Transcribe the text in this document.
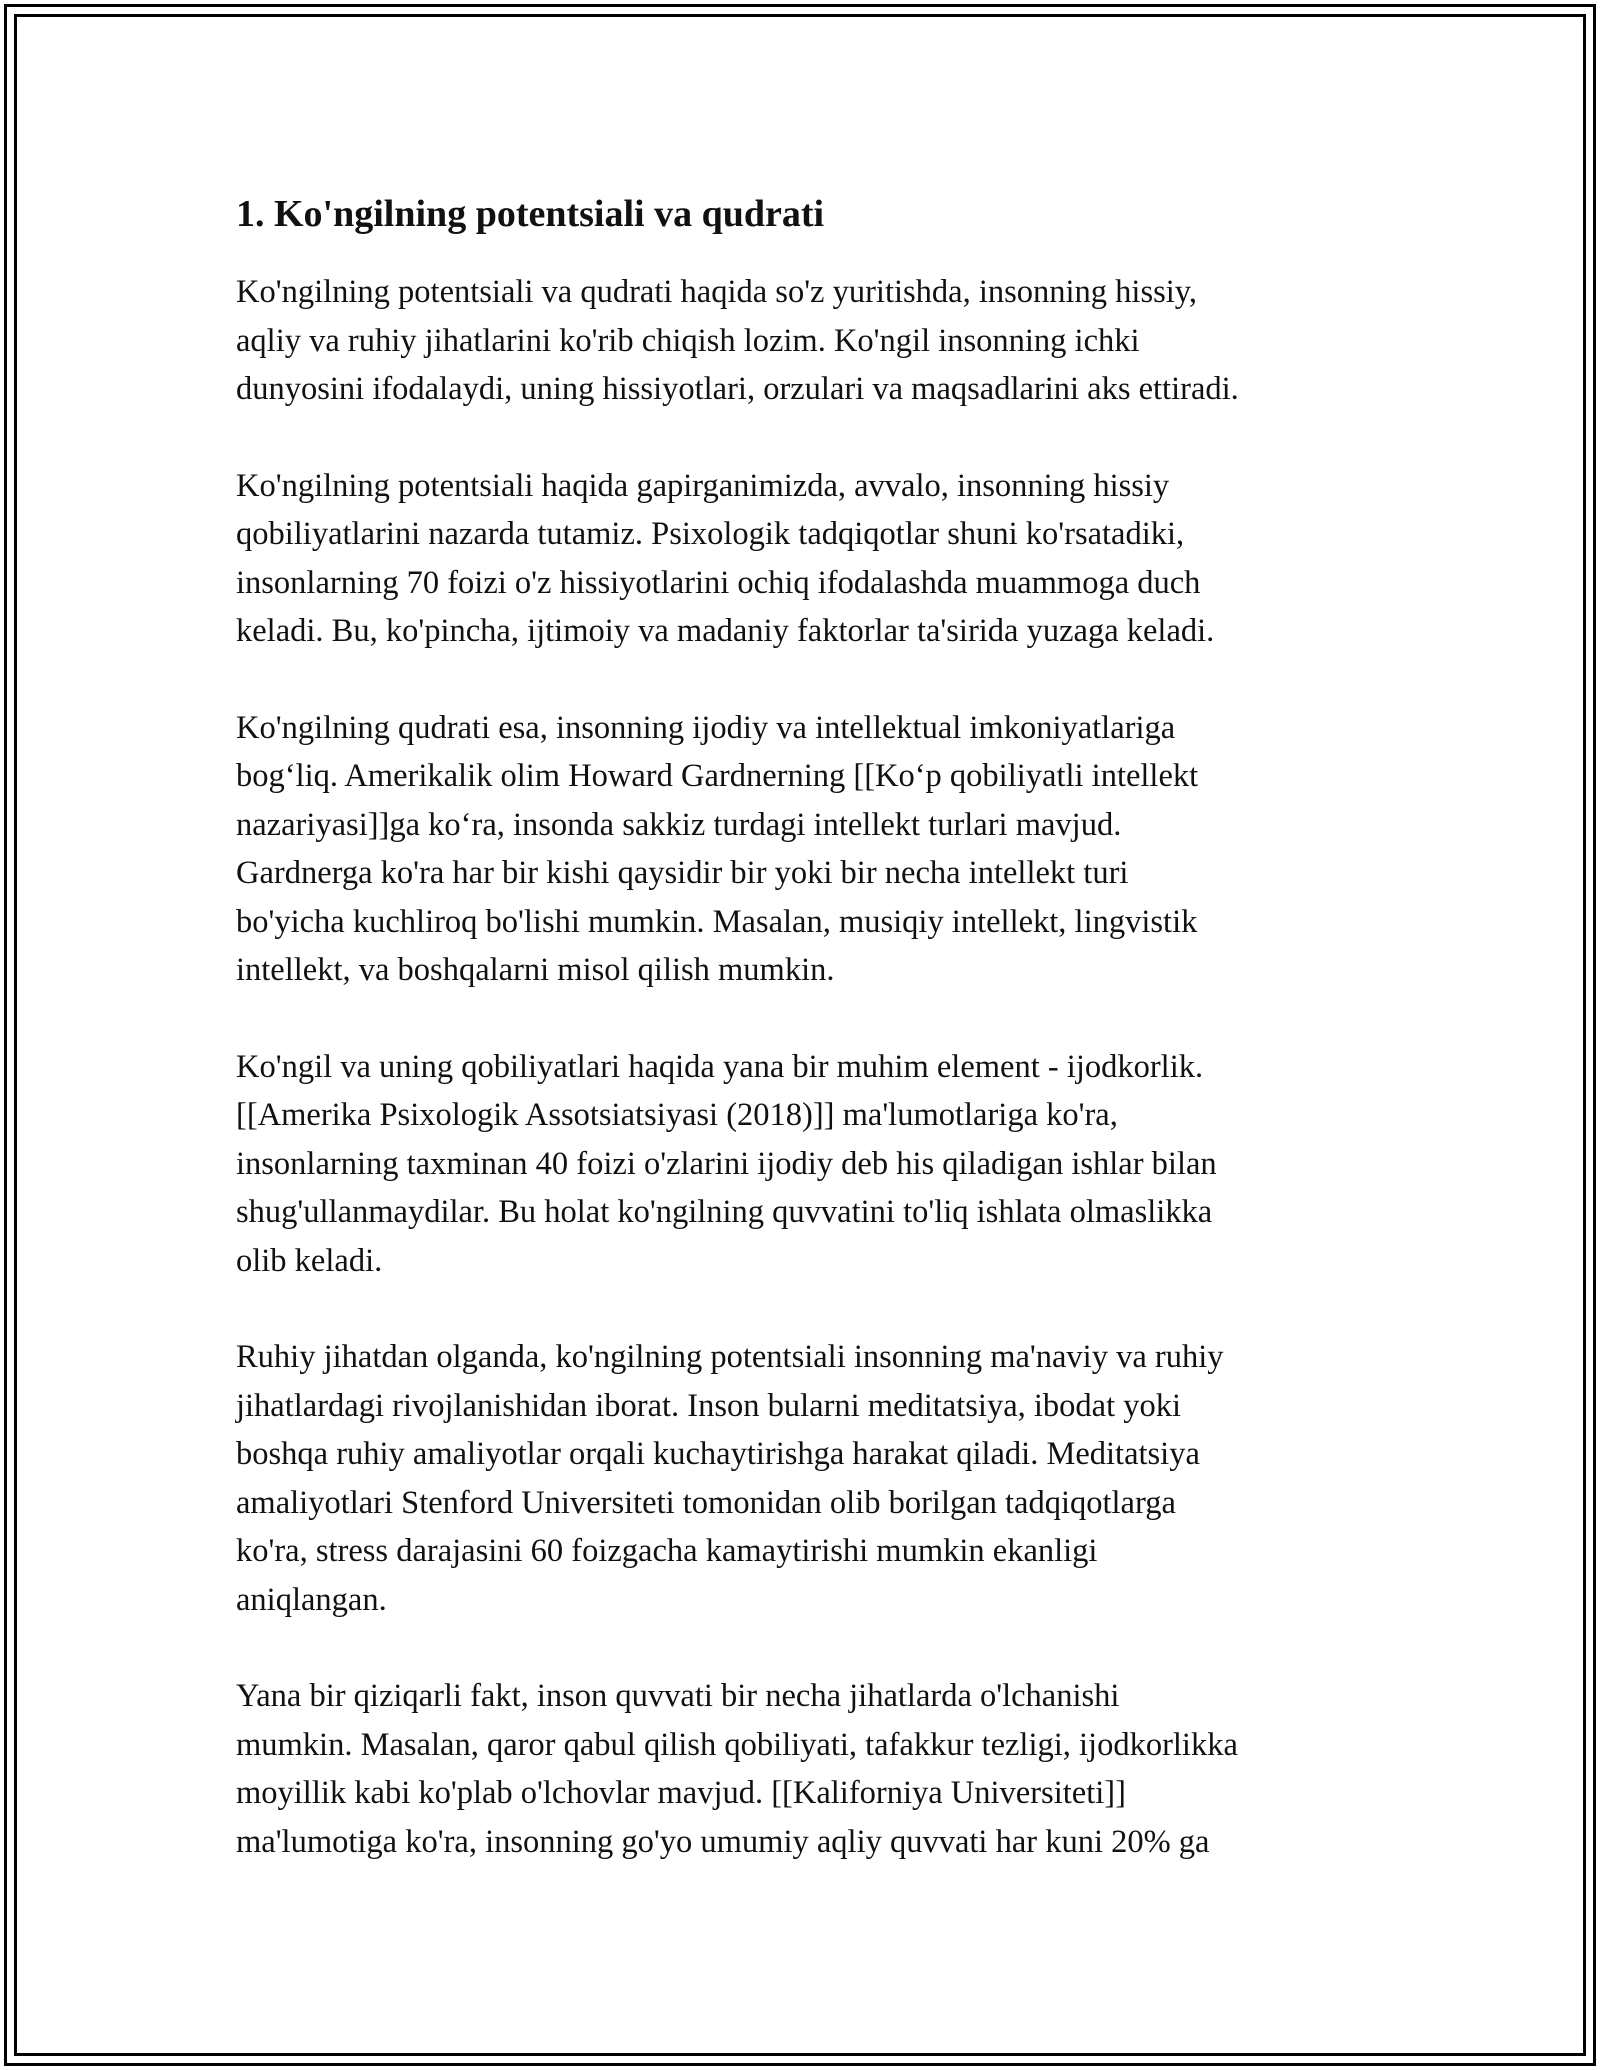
1. Ko'ngilning potentsiali va qudrati

Ko'ngilning potentsiali va qudrati haqida so'z yuritishda, insonning hissiy,
aqliy va ruhiy jihatlarini ko'rib chiqish lozim. Ko'ngil insonning ichki
dunyosini ifodalaydi, uning hissiyotlari, orzulari va maqsadlarini aks ettiradi.

Ko'ngilning potentsiali haqida gapirganimizda, avvalo, insonning hissiy
qobiliyatlarini nazarda tutamiz. Psixologik tadqiqotlar shuni ko'rsatadiki,
insonlarning 70 foizi o'z hissiyotlarini ochiq ifodalashda muammoga duch
keladi. Bu, ko'pincha, ijtimoiy va madaniy faktorlar ta'sirida yuzaga keladi.

Ko'ngilning qudrati esa, insonning ijodiy va intellektual imkoniyatlariga
bog‘liq. Amerikalik olim Howard Gardnerning [[Ko‘p qobiliyatli intellekt
nazariyasi]]ga ko‘ra, insonda sakkiz turdagi intellekt turlari mavjud.
Gardnerga ko'ra har bir kishi qaysidir bir yoki bir necha intellekt turi
bo'yicha kuchliroq bo'lishi mumkin. Masalan, musiqiy intellekt, lingvistik
intellekt, va boshqalarni misol qilish mumkin.

Ko'ngil va uning qobiliyatlari haqida yana bir muhim element - ijodkorlik.
[[Amerika Psixologik Assotsiatsiyasi (2018)]] ma'lumotlariga ko'ra,
insonlarning taxminan 40 foizi o'zlarini ijodiy deb his qiladigan ishlar bilan
shug'ullanmaydilar. Bu holat ko'ngilning quvvatini to'liq ishlata olmaslikka
olib keladi.

Ruhiy jihatdan olganda, ko'ngilning potentsiali insonning ma'naviy va ruhiy
jihatlardagi rivojlanishidan iborat. Inson bularni meditatsiya, ibodat yoki
boshqa ruhiy amaliyotlar orqali kuchaytirishga harakat qiladi. Meditatsiya
amaliyotlari Stenford Universiteti tomonidan olib borilgan tadqiqotlarga
ko'ra, stress darajasini 60 foizgacha kamaytirishi mumkin ekanligi
aniqlangan.

Yana bir qiziqarli fakt, inson quvvati bir necha jihatlarda o'lchanishi
mumkin. Masalan, qaror qabul qilish qobiliyati, tafakkur tezligi, ijodkorlikka
moyillik kabi ko'plab o'lchovlar mavjud. [[Kaliforniya Universiteti]]
ma'lumotiga ko'ra, insonning go'yo umumiy aqliy quvvati har kuni 20% ga
